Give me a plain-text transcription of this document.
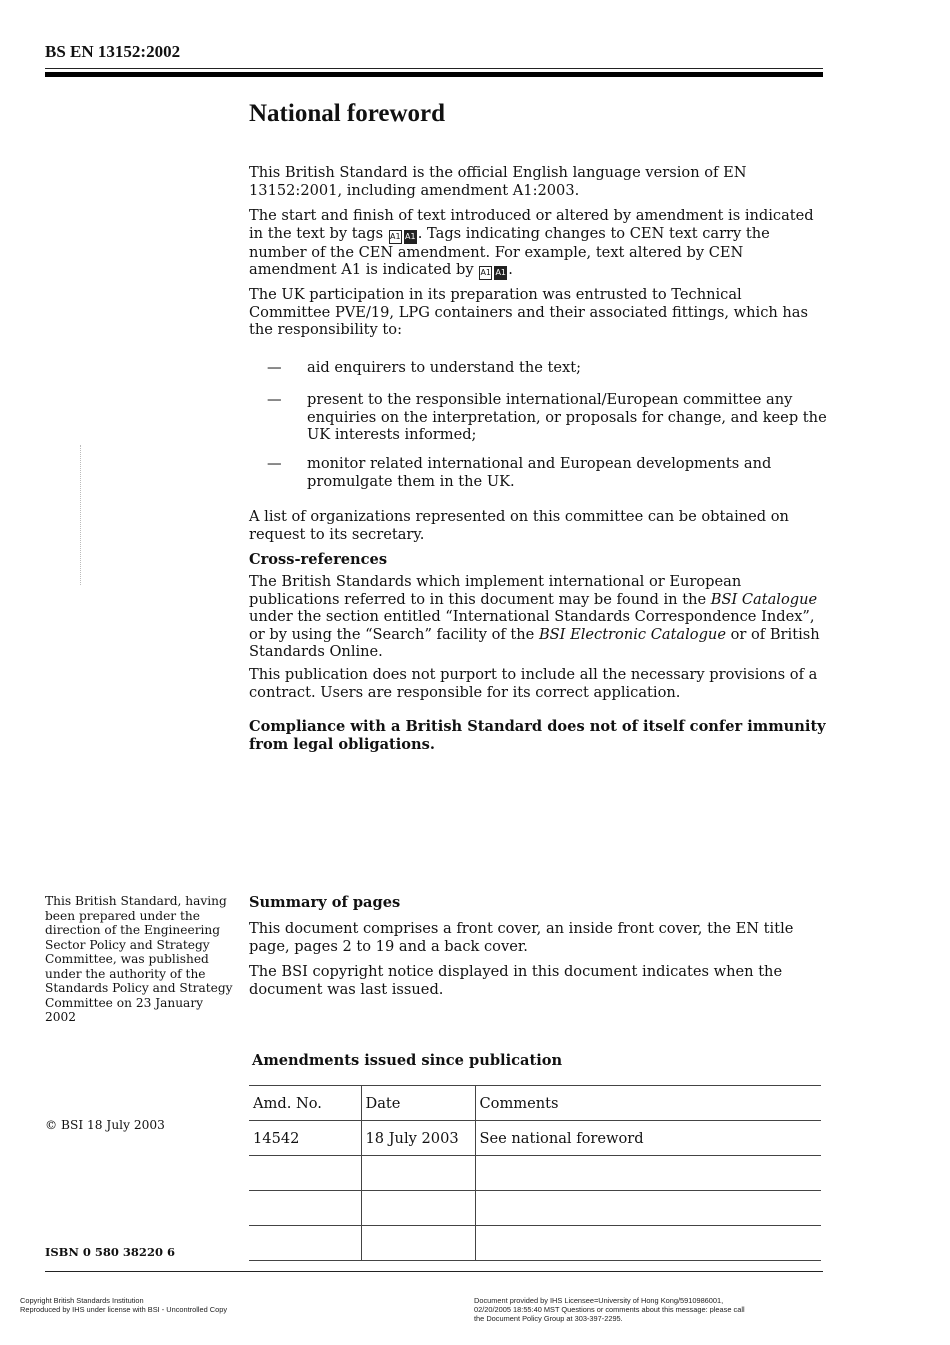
BS EN 13152:2002
National foreword

This British Standard is the official English language version of EN 13152:2001, including amendment A1:2003.

The start and finish of text introduced or altered by amendment is indicated in the text by tags A1 A1 . Tags indicating changes to CEN text carry the number of the CEN amendment. For example, text altered by CEN amendment A1 is indicated by A1 A1 .

The UK participation in its preparation was entrusted to Technical Committee PVE/19, LPG containers and their associated fittings, which has the responsibility to:

— aid enquirers to understand the text;
— present to the responsible international/European committee any enquiries on the interpretation, or proposals for change, and keep the UK interests informed;
— monitor related international and European developments and promulgate them in the UK.

A list of organizations represented on this committee can be obtained on request to its secretary.

Cross-references

The British Standards which implement international or European publications referred to in this document may be found in the BSI Catalogue under the section entitled “International Standards Correspondence Index”, or by using the “Search” facility of the BSI Electronic Catalogue or of British Standards Online.

This publication does not purport to include all the necessary provisions of a contract. Users are responsible for its correct application.

Compliance with a British Standard does not of itself confer immunity from legal obligations.

This British Standard, having been prepared under the direction of the Engineering Sector Policy and Strategy Committee, was published under the authority of the Standards Policy and Strategy Committee on 23 January 2002

Summary of pages

This document comprises a front cover, an inside front cover, the EN title page, pages 2 to 19 and a back cover.

The BSI copyright notice displayed in this document indicates when the document was last issued.

Amendments issued since publication
Amd. No.	Date	Comments
14542	18 July 2003	See national foreword

© BSI 18 July 2003
ISBN 0 580 38220 6
Copyright British Standards Institution
Reproduced by IHS under license with BSI - Uncontrolled Copy
Document provided by IHS Licensee=University of Hong Kong/5910986001,
02/20/2005 18:55:40 MST Questions or comments about this message: please call
the Document Policy Group at 303-397-2295.
